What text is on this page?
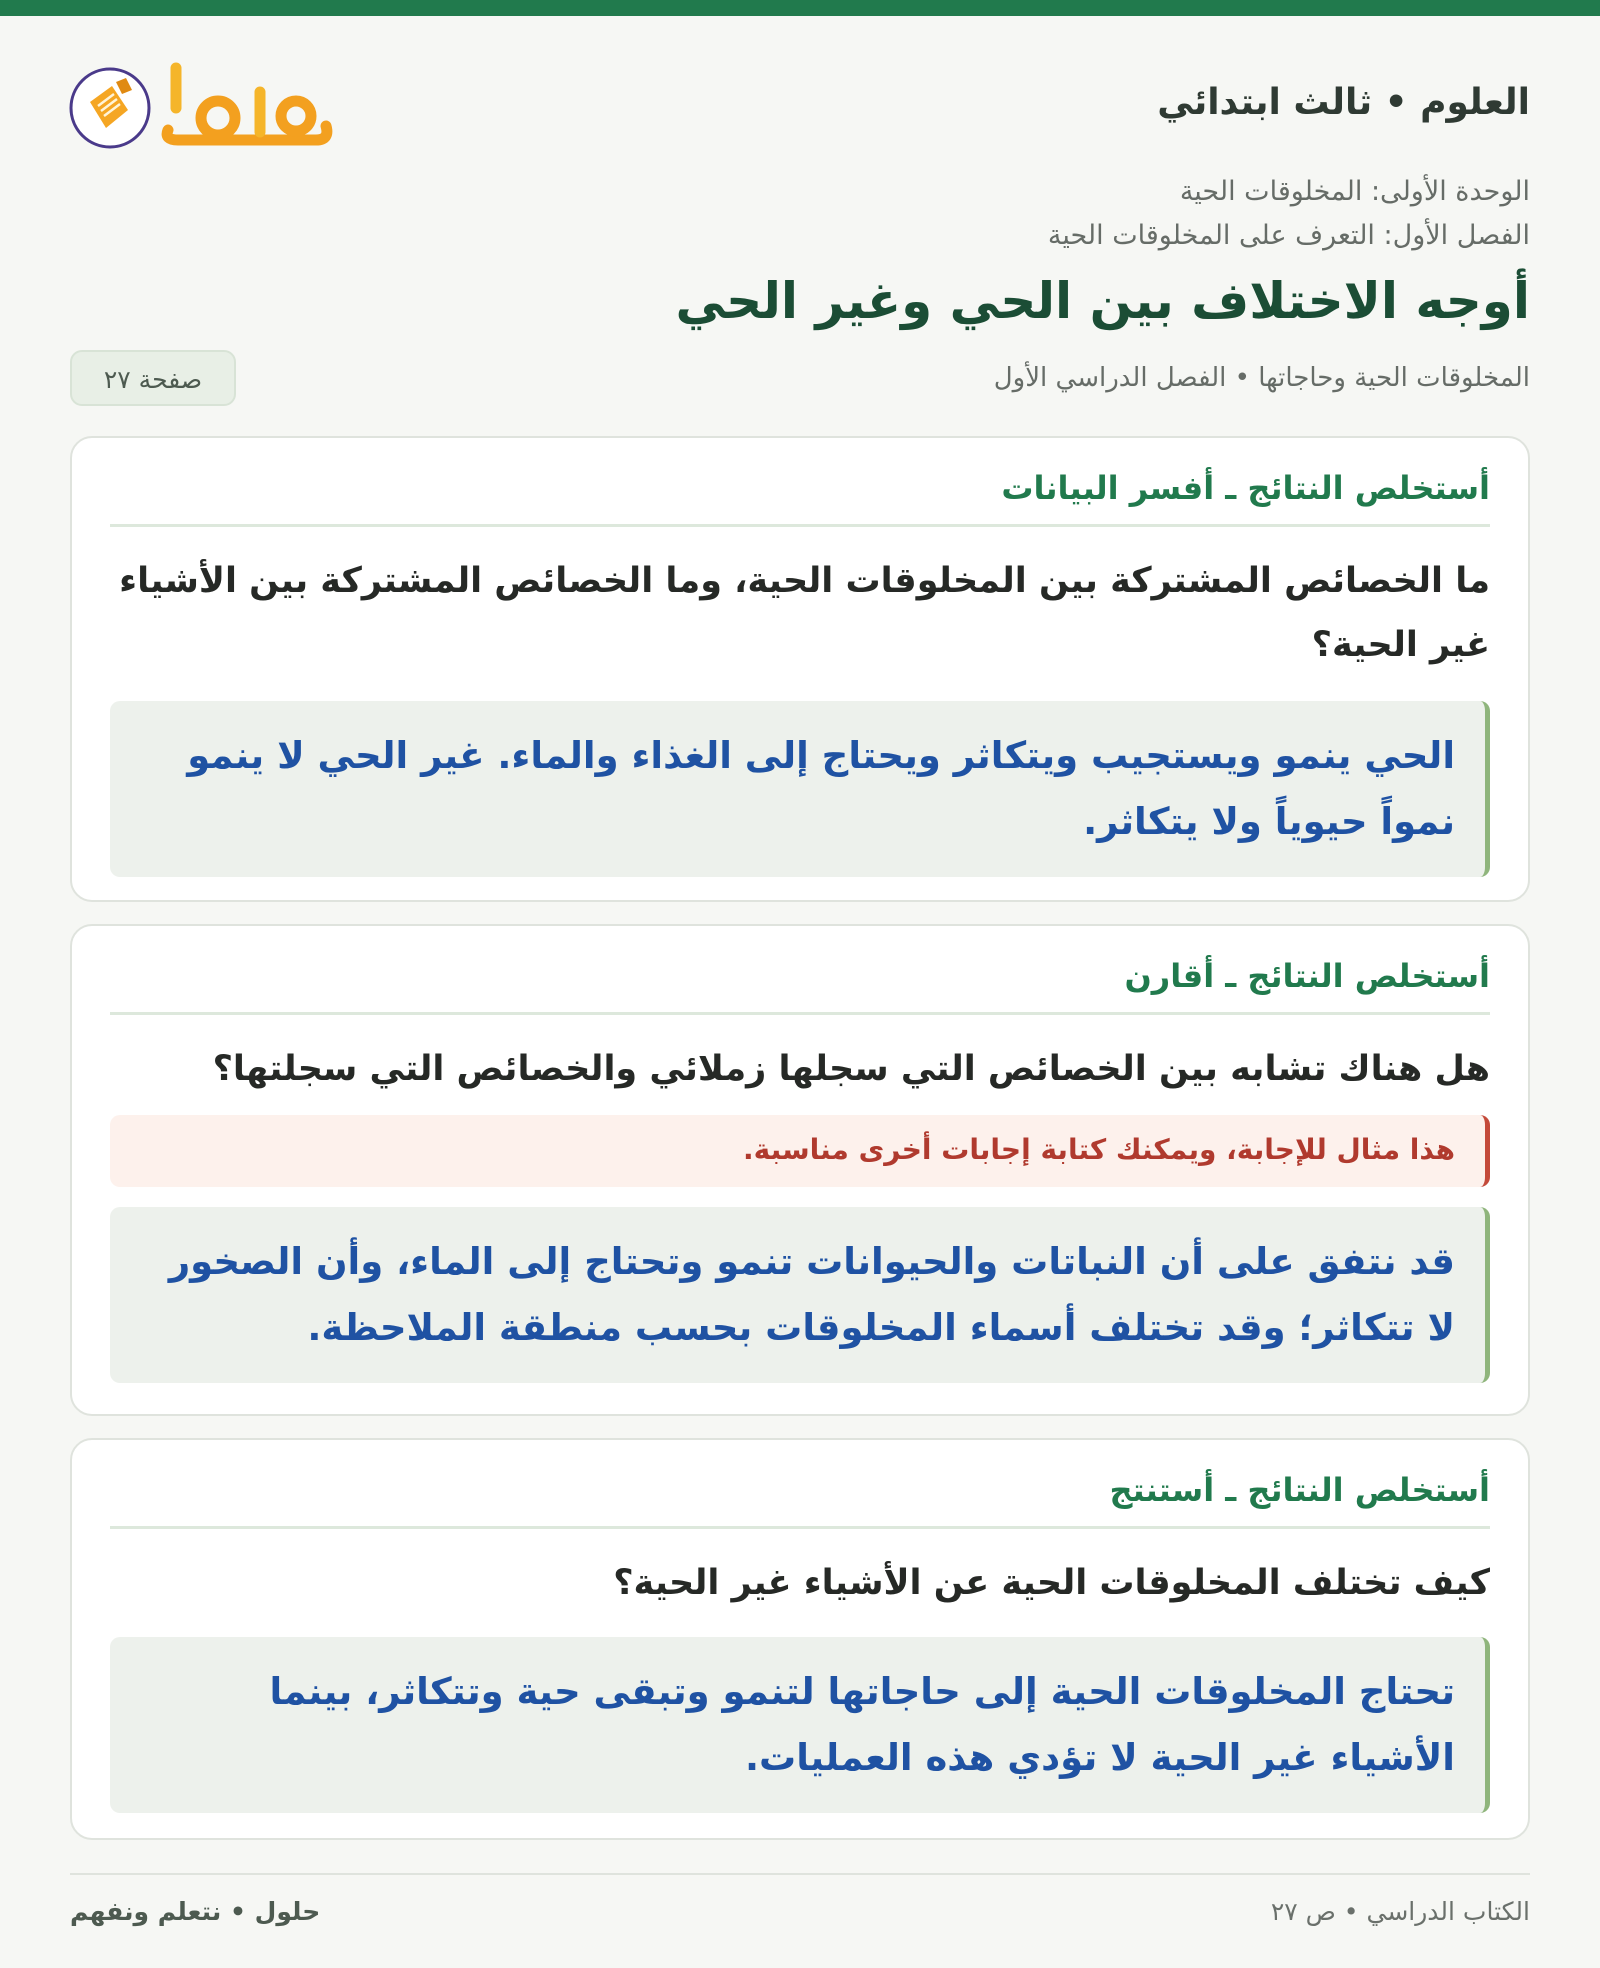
العلوم • ثالث ابتدائي
الوحدة الأولى: المخلوقات الحية
الفصل الأول: التعرف على المخلوقات الحية
أوجه الاختلاف بين الحي وغير الحي
المخلوقات الحية وحاجاتها • الفصل الدراسي الأول
صفحة ٢٧
أستخلص النتائج ـ أفسر البيانات
ما الخصائص المشتركة بين المخلوقات الحية، وما الخصائص المشتركة بين الأشياء غير الحية؟
الحي ينمو ويستجيب ويتكاثر ويحتاج إلى الغذاء والماء. غير الحي لا ينمو نمواً حيوياً ولا يتكاثر.
أستخلص النتائج ـ أقارن
هل هناك تشابه بين الخصائص التي سجلها زملائي والخصائص التي سجلتها؟
هذا مثال للإجابة، ويمكنك كتابة إجابات أخرى مناسبة.
قد نتفق على أن النباتات والحيوانات تنمو وتحتاج إلى الماء، وأن الصخور لا تتكاثر؛ وقد تختلف أسماء المخلوقات بحسب منطقة الملاحظة.
أستخلص النتائج ـ أستنتج
كيف تختلف المخلوقات الحية عن الأشياء غير الحية؟
تحتاج المخلوقات الحية إلى حاجاتها لتنمو وتبقى حية وتتكاثر، بينما الأشياء غير الحية لا تؤدي هذه العمليات.
الكتاب الدراسي • ص ٢٧
حلول • نتعلم ونفهم
